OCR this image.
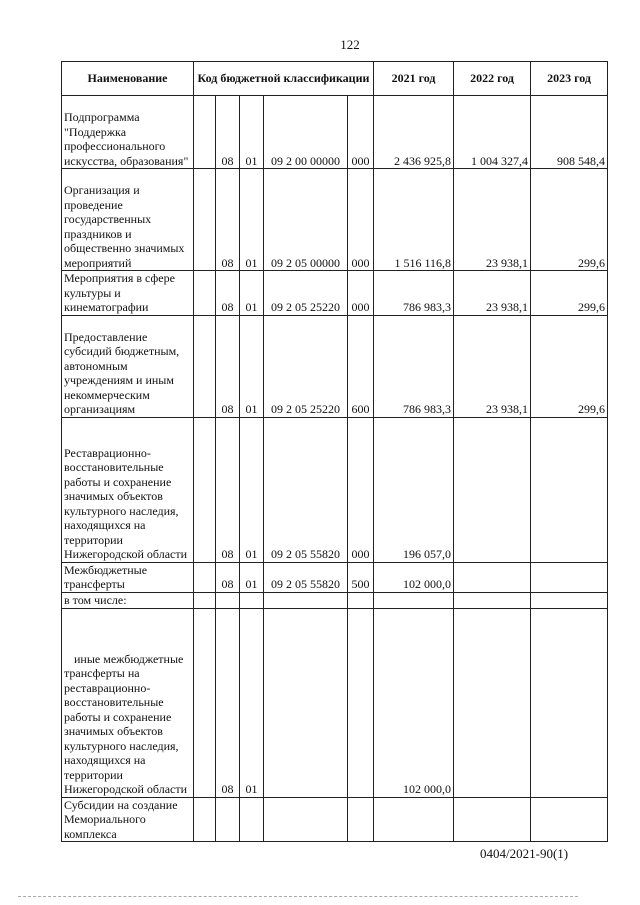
122
Наименование	Код бюджетной классификации					2021 год	2022 год	2023 год
Подпрограмма "Поддержка профессионального искусства, образования"		08	01	09 2 00 00000	000	2 436 925,8	1 004 327,4	908 548,4
Организация и проведение государственных праздников и общественно значимых мероприятий		08	01	09 2 05 00000	000	1 516 116,8	23 938,1	299,6
Мероприятия в сфере культуры и кинематографии		08	01	09 2 05 25220	000	786 983,3	23 938,1	299,6
Предоставление субсидий бюджетным, автономным учреждениям и иным некоммерческим организациям		08	01	09 2 05 25220	600	786 983,3	23 938,1	299,6
Реставрационно-восстановительные работы и сохранение значимых объектов культурного наследия, находящихся на территории Нижегородской области		08	01	09 2 05 55820	000	196 057,0		
Межбюджетные трансферты		08	01	09 2 05 55820	500	102 000,0		
в том числе:								
иные межбюджетные трансферты на реставрационно-восстановительные работы и сохранение значимых объектов культурного наследия, находящихся на территории Нижегородской области		08	01			102 000,0		
Субсидии на создание Мемориального комплекса								
0404/2021-90(1)
